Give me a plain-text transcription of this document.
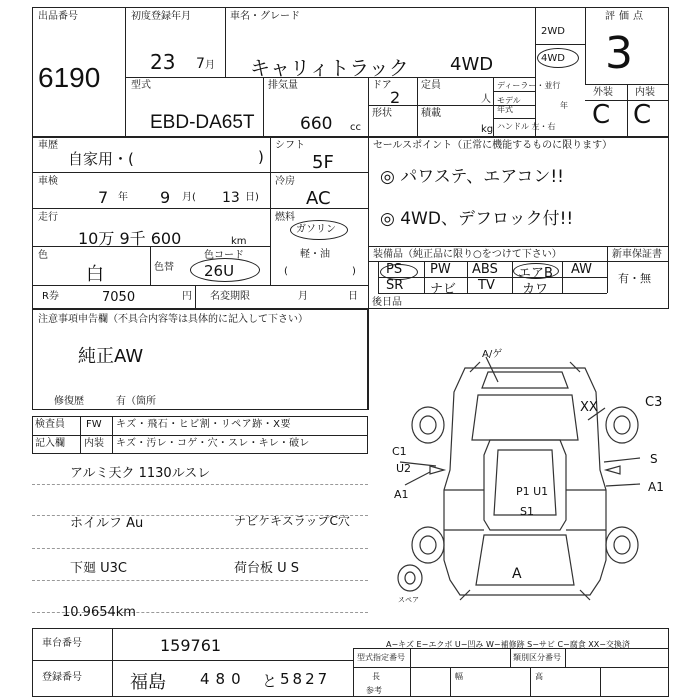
出品番号
6190
初度登録年月
23 7 月
車名・グレード
キャリィトラック 4WD
2WD
4WD
評価点
3
外装 内装
C C
型式
EBD-DA65T
排気量
660 cc
ドア
2
定員
人
形状	積載
kg
ディーラー・並行
モデル年式	年
ハンドル 左・右
車歴
自家用・(	)
シフト
5F
車検
7 年 9 月( 13 日)
冷房
AC
走行
10万 9千 600	km
燃料
ガソリン
軽・油
(	)
色
白	色替
色コード
26U
R券	7050	円 名変期限	月	日
セールスポイント（正常に機能するものに限ります）
◎ パワステ、エアコン!!
◎ 4WD、デフロック付!!
装備品（純正品に限り○をつけて下さい）	新車保証書
有・無
PS PW ABS エアB AW
SR ナビ TV カワ
後日品
注意事項申告欄（不具合内容等は具体的に記入して下さい）
純正AW
修復歴	有（箇所
検査員
記入欄
FW キズ・飛石・ヒビ割・リペア跡・X要
内装 キズ・汚レ・コゲ・穴・スレ・キレ・破レ
アルミ天ク 1130ルスレ
ホイルフ Au	ナビケキスラップC穴
下廻 U3C	荷台板 U S
10.9654km
車台番号	159761
登録番号	福島 480 と 5827
A−キズ E−エクボ U−凹み W−補修跡 S−サビ C−腐食 XX−交換済
型式指定番号	類別区分番号
長
参考
幅	高
A/ゲ
XX	C3
C1
U2
A1
S
A1
P1 U1
S1
A
スペア
